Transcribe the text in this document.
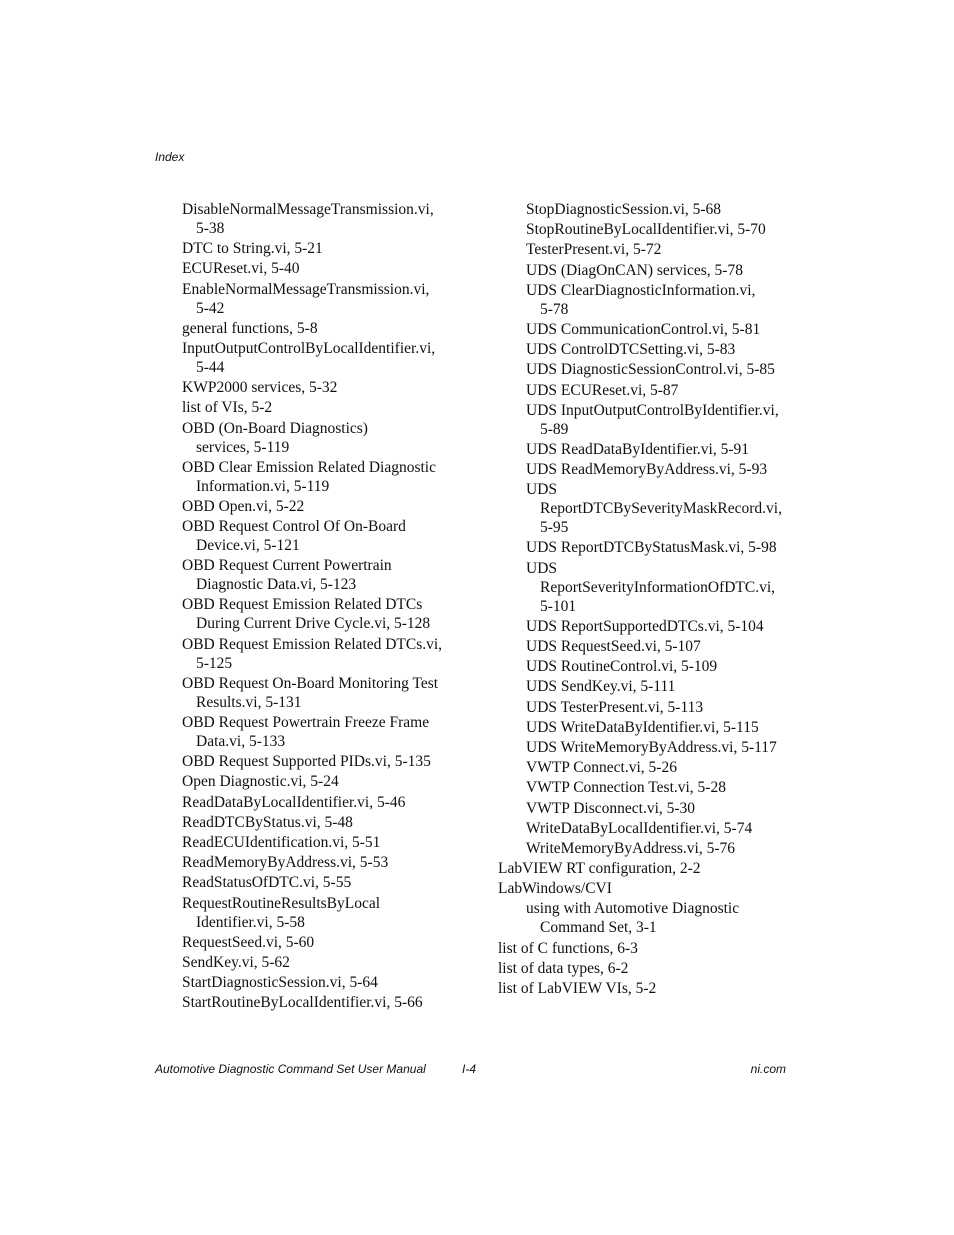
Index
DisableNormalMessageTransmission.vi,
5-38
DTC to String.vi, 5-21
ECUReset.vi, 5-40
EnableNormalMessageTransmission.vi,
5-42
general functions, 5-8
InputOutputControlByLocalIdentifier.vi,
5-44
KWP2000 services, 5-32
list of VIs, 5-2
OBD (On-Board Diagnostics)
services, 5-119
OBD Clear Emission Related Diagnostic
Information.vi, 5-119
OBD Open.vi, 5-22
OBD Request Control Of On-Board
Device.vi, 5-121
OBD Request Current Powertrain
Diagnostic Data.vi, 5-123
OBD Request Emission Related DTCs
During Current Drive Cycle.vi, 5-128
OBD Request Emission Related DTCs.vi,
5-125
OBD Request On-Board Monitoring Test
Results.vi, 5-131
OBD Request Powertrain Freeze Frame
Data.vi, 5-133
OBD Request Supported PIDs.vi, 5-135
Open Diagnostic.vi, 5-24
ReadDataByLocalIdentifier.vi, 5-46
ReadDTCByStatus.vi, 5-48
ReadECUIdentification.vi, 5-51
ReadMemoryByAddress.vi, 5-53
ReadStatusOfDTC.vi, 5-55
RequestRoutineResultsByLocal
Identifier.vi, 5-58
RequestSeed.vi, 5-60
SendKey.vi, 5-62
StartDiagnosticSession.vi, 5-64
StartRoutineByLocalIdentifier.vi, 5-66
StopDiagnosticSession.vi, 5-68
StopRoutineByLocalIdentifier.vi, 5-70
TesterPresent.vi, 5-72
UDS (DiagOnCAN) services, 5-78
UDS ClearDiagnosticInformation.vi,
5-78
UDS CommunicationControl.vi, 5-81
UDS ControlDTCSetting.vi, 5-83
UDS DiagnosticSessionControl.vi, 5-85
UDS ECUReset.vi, 5-87
UDS InputOutputControlByIdentifier.vi,
5-89
UDS ReadDataByIdentifier.vi, 5-91
UDS ReadMemoryByAddress.vi, 5-93
UDS
ReportDTCBySeverityMaskRecord.vi,
5-95
UDS ReportDTCByStatusMask.vi, 5-98
UDS
ReportSeverityInformationOfDTC.vi,
5-101
UDS ReportSupportedDTCs.vi, 5-104
UDS RequestSeed.vi, 5-107
UDS RoutineControl.vi, 5-109
UDS SendKey.vi, 5-111
UDS TesterPresent.vi, 5-113
UDS WriteDataByIdentifier.vi, 5-115
UDS WriteMemoryByAddress.vi, 5-117
VWTP Connect.vi, 5-26
VWTP Connection Test.vi, 5-28
VWTP Disconnect.vi, 5-30
WriteDataByLocalIdentifier.vi, 5-74
WriteMemoryByAddress.vi, 5-76
LabVIEW RT configuration, 2-2
LabWindows/CVI
using with Automotive Diagnostic
Command Set, 3-1
list of C functions, 6-3
list of data types, 6-2
list of LabVIEW VIs, 5-2
Automotive Diagnostic Command Set User Manual	I-4	ni.com
